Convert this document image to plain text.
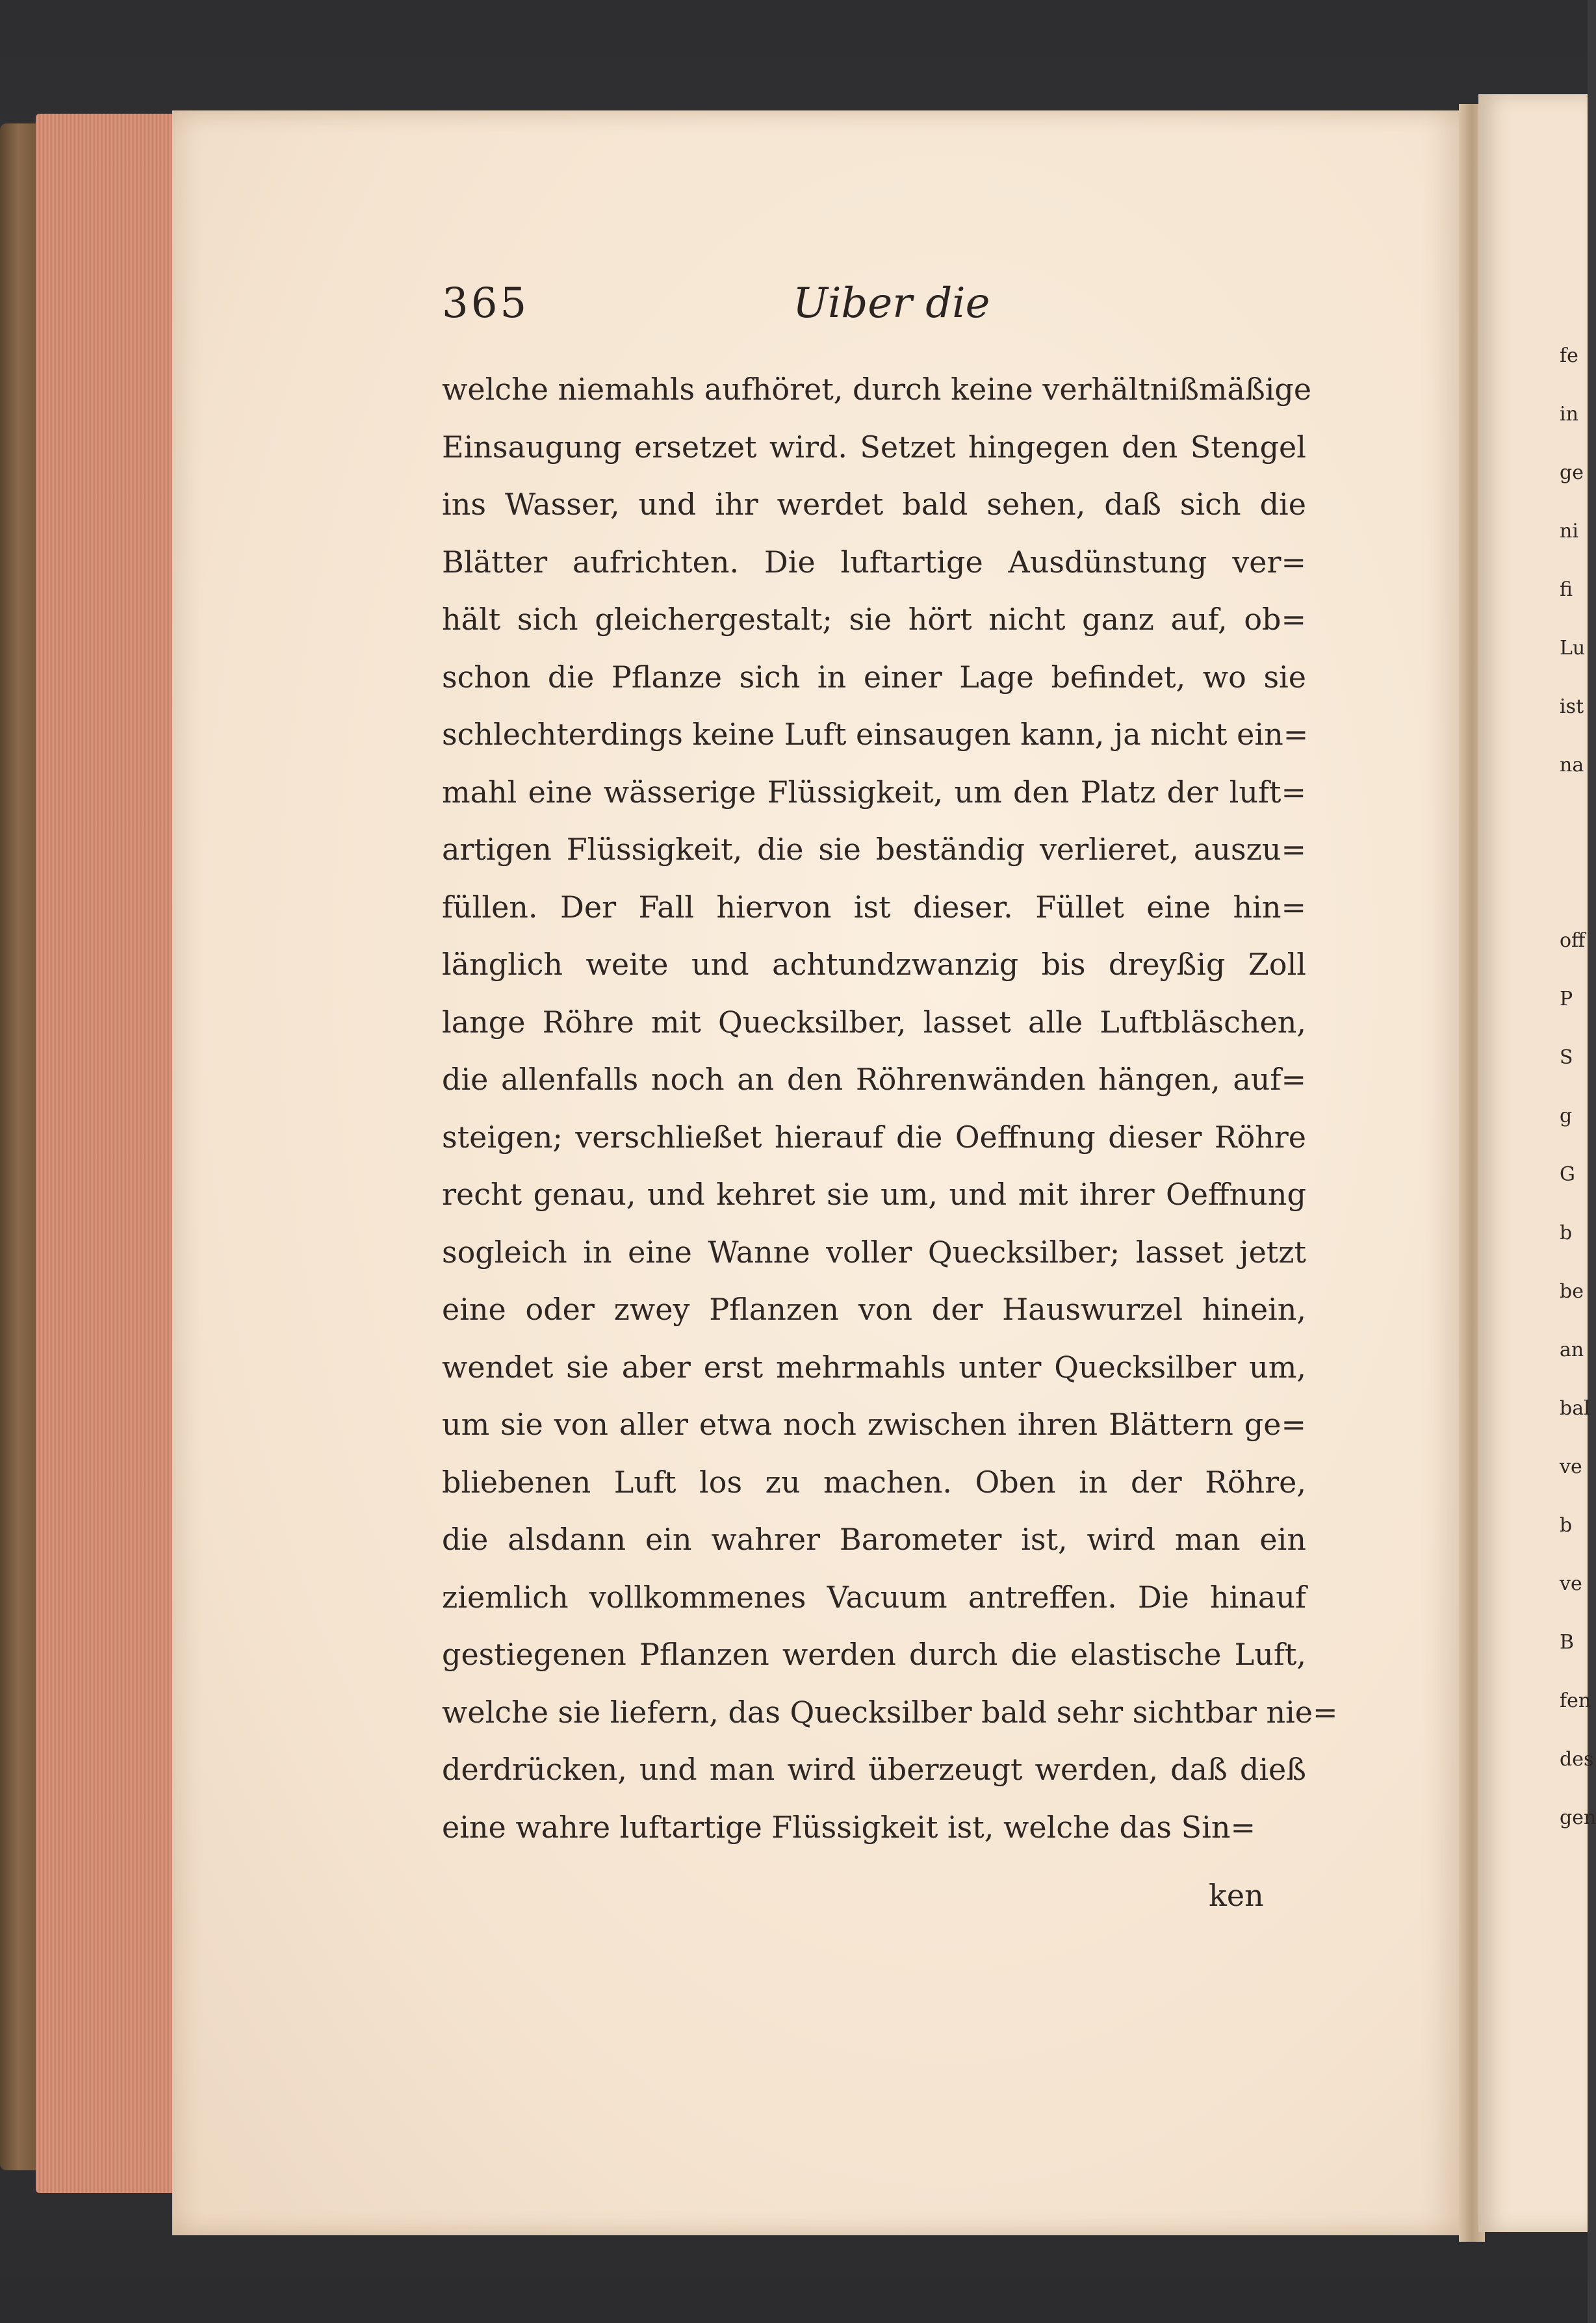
365	Uiber die
welche niemahls aufhöret, durch keine verhältnißmäßige
Einsaugung ersetzet wird. Setzet hingegen den Stengel
ins Wasser, und ihr werdet bald sehen, daß sich die
Blätter aufrichten. Die luftartige Ausdünstung ver=
hält sich gleichergestalt; sie hört nicht ganz auf, ob=
schon die Pflanze sich in einer Lage befindet, wo sie
schlechterdings keine Luft einsaugen kann, ja nicht ein=
mahl eine wässerige Flüssigkeit, um den Platz der luft=
artigen Flüssigkeit, die sie beständig verlieret, auszu=
füllen. Der Fall hiervon ist dieser. Füllet eine hin=
länglich weite und achtundzwanzig bis dreyßig Zoll
lange Röhre mit Quecksilber, lasset alle Luftbläschen,
die allenfalls noch an den Röhrenwänden hängen, auf=
steigen; verschließet hierauf die Oeffnung dieser Röhre
recht genau, und kehret sie um, und mit ihrer Oeffnung
sogleich in eine Wanne voller Quecksilber; lasset jetzt
eine oder zwey Pflanzen von der Hauswurzel hinein,
wendet sie aber erst mehrmahls unter Quecksilber um,
um sie von aller etwa noch zwischen ihren Blättern ge=
bliebenen Luft los zu machen. Oben in der Röhre,
die alsdann ein wahrer Barometer ist, wird man ein
ziemlich vollkommenes Vacuum antreffen. Die hinauf
gestiegenen Pflanzen werden durch die elastische Luft,
welche sie liefern, das Quecksilber bald sehr sichtbar nie=
derdrücken, und man wird überzeugt werden, daß dieß
eine wahre luftartige Flüssigkeit ist, welche das Sin=
ken
fe
in
ge
ni
fi
Lu
ist
na
off
P
S
g
G
b
be
an
bal
ve
b
ve
B
fen
des
gen
